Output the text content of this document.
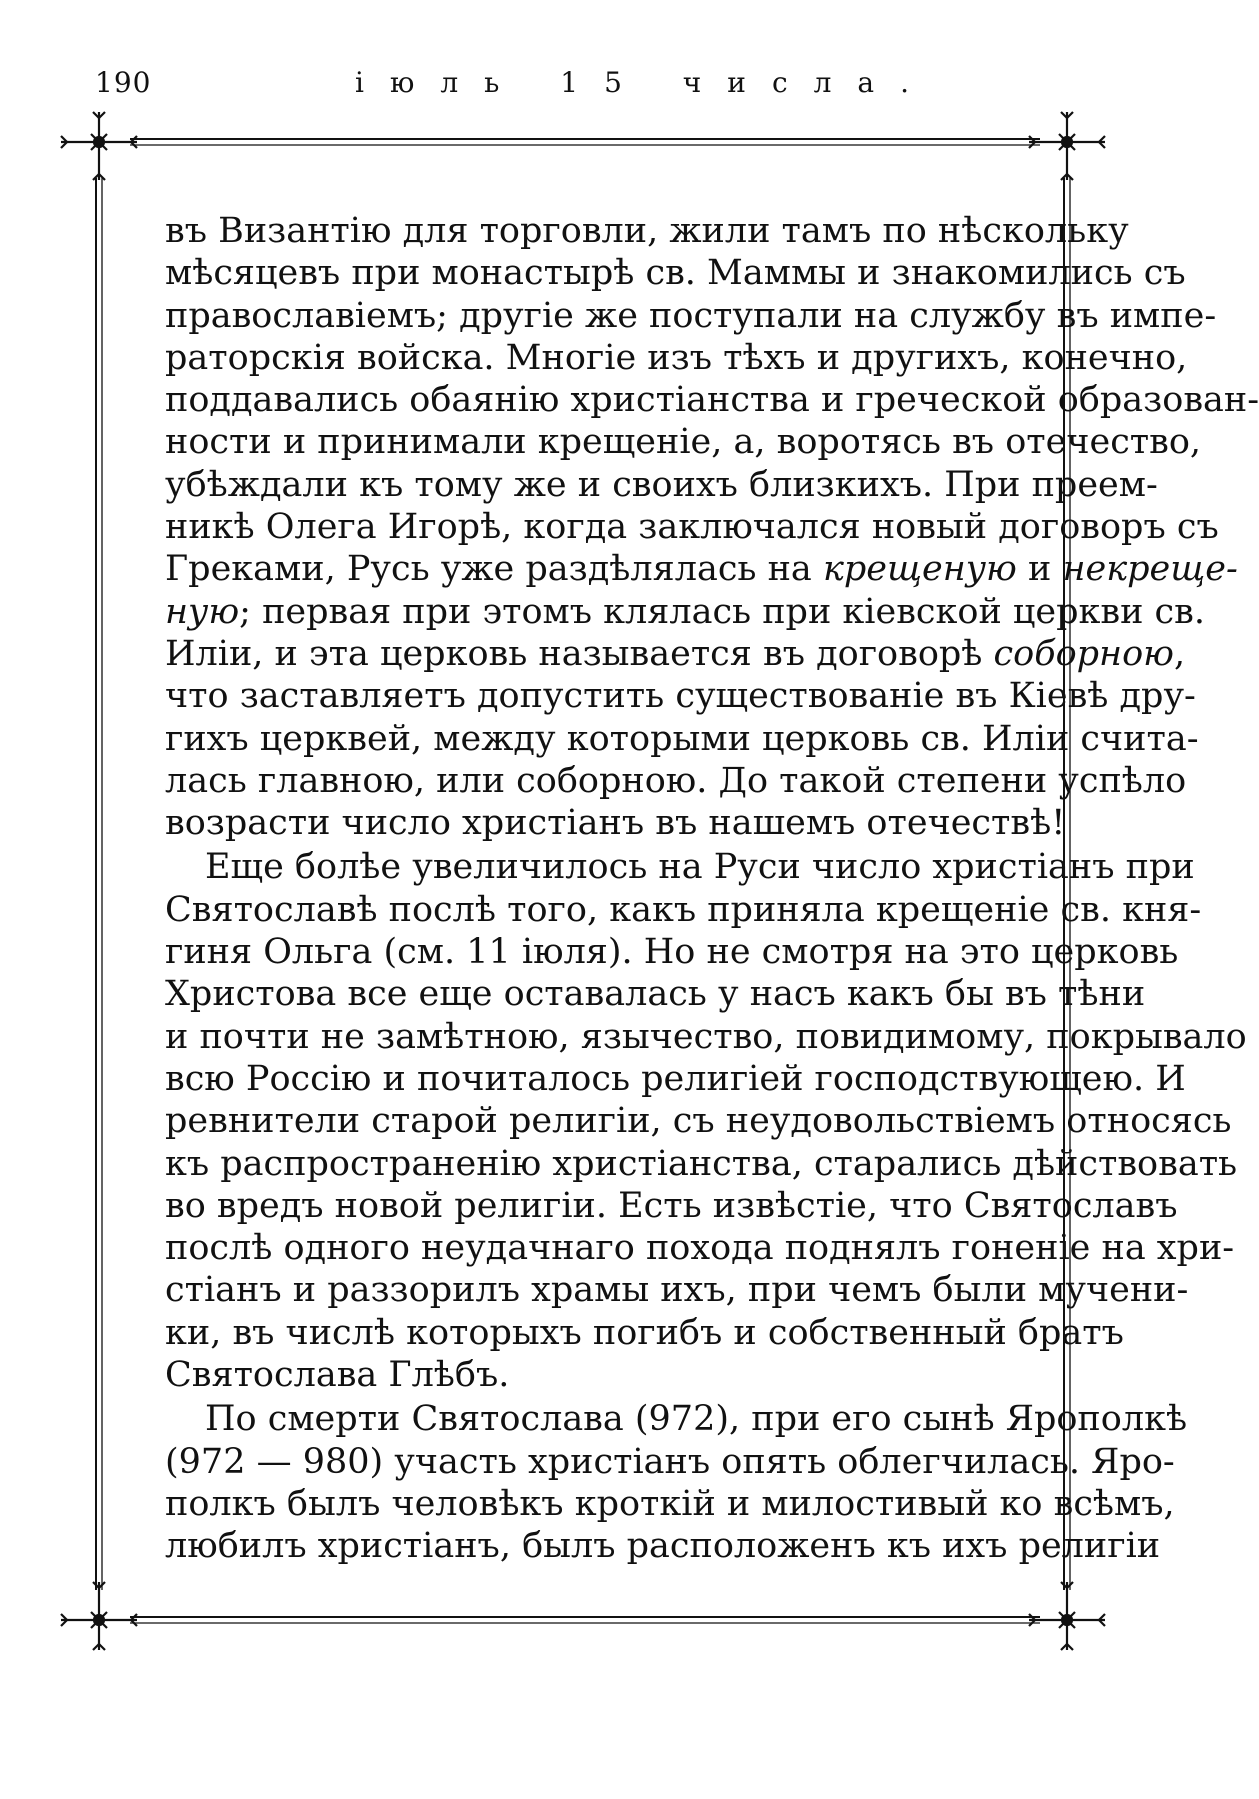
190	іюль 15 числа.

въ Византію для торговли, жили тамъ по нѣскольку
мѣсяцевъ при монастырѣ св. Маммы и знакомились съ
православіемъ; другіе же поступали на службу въ импе-
раторскія войска. Многіе изъ тѣхъ и другихъ, конечно,
поддавались обаянію христіанства и греческой образован-
ности и принимали крещеніе, а, воротясь въ отечество,
убѣждали къ тому же и своихъ близкихъ. При преем-
никѣ Олега Игорѣ, когда заключался новый договоръ съ
Греками, Русь уже раздѣлялась на крещеную и некреще-
ную; первая при этомъ клялась при кіевской церкви св.
Иліи, и эта церковь называется въ договорѣ соборною,
что заставляетъ допустить существованіе въ Кіевѣ дру-
гихъ церквей, между которыми церковь св. Иліи счита-
лась главною, или соборною. До такой степени успѣло
возрасти число христіанъ въ нашемъ отечествѣ!

Еще болѣе увеличилось на Руси число христіанъ при
Святославѣ послѣ того, какъ приняла крещеніе св. кня-
гиня Ольга (см. 11 іюля). Но не смотря на это церковь
Христова все еще оставалась у насъ какъ бы въ тѣни
и почти не замѣтною, язычество, повидимому, покрывало
всю Россію и почиталось религіей господствующею. И
ревнители старой религіи, съ неудовольствіемъ относясь
къ распространенію христіанства, старались дѣйствовать
во вредъ новой религіи. Есть извѣстіе, что Святославъ
послѣ одного неудачнаго похода поднялъ гоненіе на хри-
стіанъ и раззорилъ храмы ихъ, при чемъ были мучени-
ки, въ числѣ которыхъ погибъ и собственный братъ
Святослава Глѣбъ.

По смерти Святослава (972), при его сынѣ Ярополкѣ
(972 — 980) участь христіанъ опять облегчилась. Яро-
полкъ былъ человѣкъ кроткій и милостивый ко всѣмъ,
любилъ христіанъ, былъ расположенъ къ ихъ религіи
